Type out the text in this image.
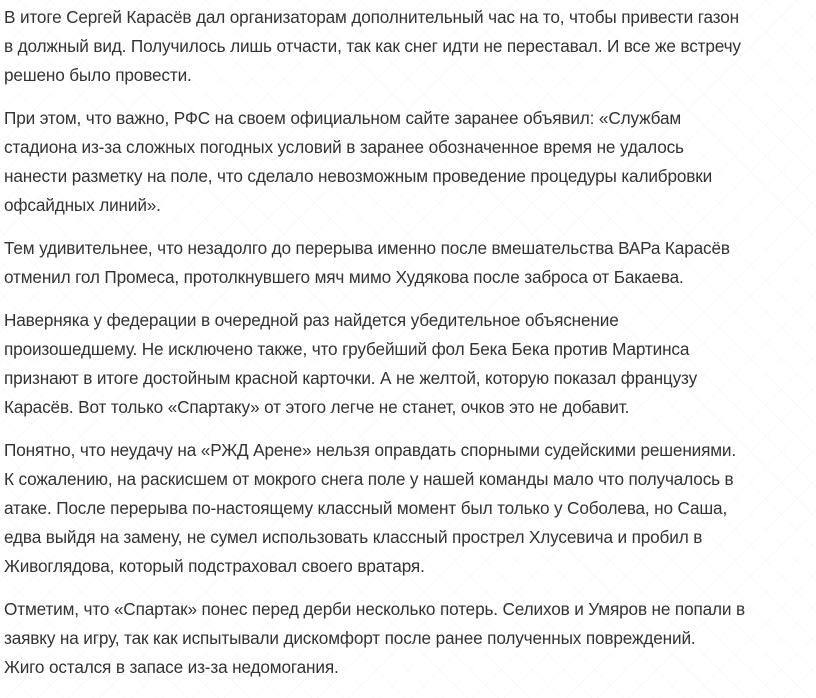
В итоге Сергей Карасёв дал организаторам дополнительный час на то, чтобы привести газон
в должный вид. Получилось лишь отчасти, так как снег идти не переставал. И все же встречу
решено было провести.

При этом, что важно, РФС на своем официальном сайте заранее объявил: «Службам
стадиона из-за сложных погодных условий в заранее обозначенное время не удалось
нанести разметку на поле, что сделало невозможным проведение процедуры калибровки
офсайдных линий».

Тем удивительнее, что незадолго до перерыва именно после вмешательства ВАРа Карасёв
отменил гол Промеса, протолкнувшего мяч мимо Худякова после заброса от Бакаева.

Наверняка у федерации в очередной раз найдется убедительное объяснение
произошедшему. Не исключено также, что грубейший фол Бека Бека против Мартинса
признают в итоге достойным красной карточки. А не желтой, которую показал французу
Карасёв. Вот только «Спартаку» от этого легче не станет, очков это не добавит.

Понятно, что неудачу на «РЖД Арене» нельзя оправдать спорными судейскими решениями.
К сожалению, на раскисшем от мокрого снега поле у нашей команды мало что получалось в
атаке. После перерыва по-настоящему классный момент был только у Соболева, но Саша,
едва выйдя на замену, не сумел использовать классный прострел Хлусевича и пробил в
Живоглядова, который подстраховал своего вратаря.

Отметим, что «Спартак» понес перед дерби несколько потерь. Селихов и Умяров не попали в
заявку на игру, так как испытывали дискомфорт после ранее полученных повреждений.
Жиго остался в запасе из-за недомогания.
